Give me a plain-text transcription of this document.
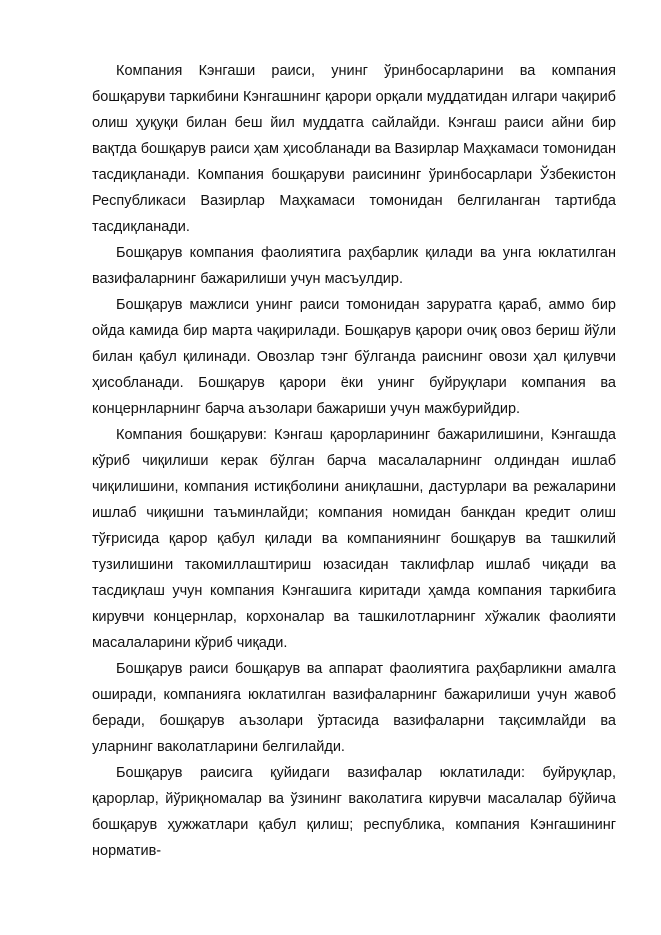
Компания Кэнгаши раиси, унинг ўринбосарларини ва компания бошқаруви таркибини Кэнгашнинг қарори орқали муддатидан илгари чақириб олиш ҳуқуқи билан беш йил муддатга сайлайди. Кэнгаш раиси айни бир вақтда бошқарув раиси ҳам ҳисобланади ва Вазирлар Маҳкамаси томонидан тасдиқланади. Компания бошқаруви раисининг ўринбосарлари Ўзбекистон Республикаси Вазирлар Маҳкамаси томонидан белгиланган тартибда тасдиқланади.

Бошқарув компания фаолиятига раҳбарлик қилади ва унга юклатилган вазифаларнинг бажарилиши учун масъулдир.

Бошқарув мажлиси унинг раиси томонидан заруратга қараб, аммо бир ойда камида бир марта чақирилади. Бошқарув қарори очиқ овоз бериш йўли билан қабул қилинади. Овозлар тэнг бўлганда раиснинг овози ҳал қилувчи ҳисобланади. Бошқарув қарори ёки унинг буйруқлари компания ва концернларнинг барча аъзолари бажариши учун мажбурийдир.

Компания бошқаруви: Кэнгаш қарорларининг бажарилишини, Кэнгашда кўриб чиқилиши керак бўлган барча масалаларнинг олдиндан ишлаб чиқилишини, компания истиқболини аниқлашни, дастурлари ва режаларини ишлаб чиқишни таъминлайди; компания номидан банкдан кредит олиш тўғрисида қарор қабул қилади ва компаниянинг бошқарув ва ташкилий тузилишини такомиллаштириш юзасидан таклифлар ишлаб чиқади ва тасдиқлаш учун компания Кэнгашига киритади ҳамда компания таркибига кирувчи концернлар, корхоналар ва ташкилотларнинг хўжалик фаолияти масалаларини кўриб чиқади.

Бошқарув раиси бошқарув ва аппарат фаолиятига раҳбарликни амалга оширади, компанияга юклатилган вазифаларнинг бажарилиши учун жавоб беради, бошқарув аъзолари ўртасида вазифаларни тақсимлайди ва уларнинг ваколатларини белгилайди.

Бошқарув раисига қуйидаги вазифалар юклатилади: буйруқлар, қарорлар, йўриқномалар ва ўзининг ваколатига кирувчи масалалар бўйича бошқарув ҳужжатлари қабул қилиш; республика, компания Кэнгашининг норматив-
